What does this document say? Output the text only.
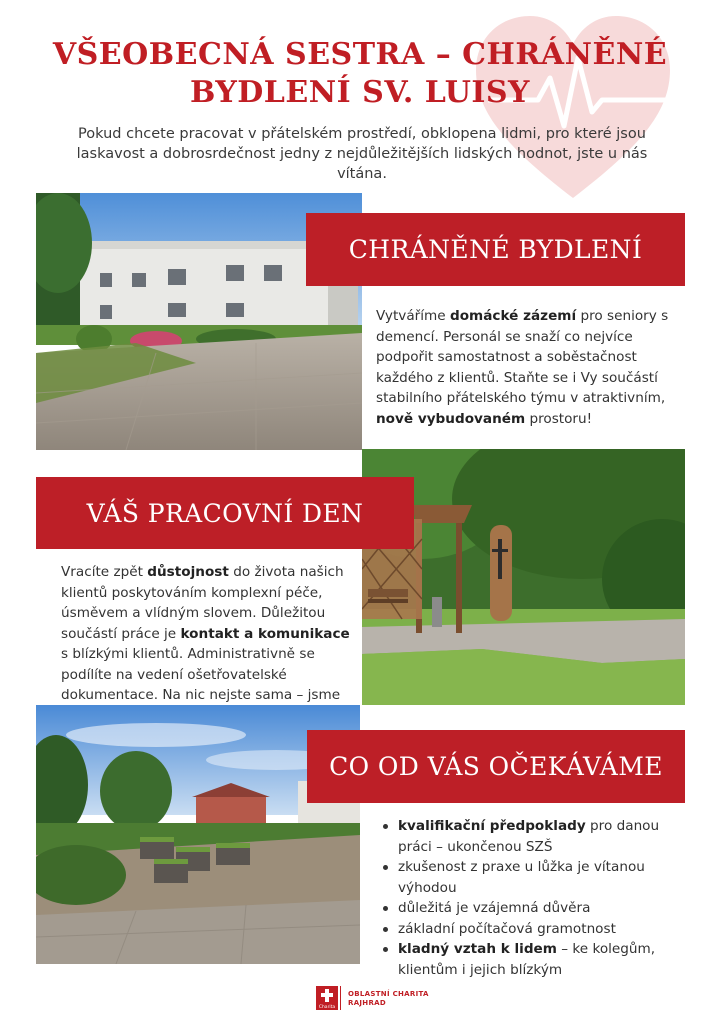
VŠEOBECNÁ SESTRA – CHRÁNĚNÉ
BYDLENÍ SV. LUISY

Pokud chcete pracovat v přátelském prostředí, obklopena lidmi, pro které jsou laskavost a dobrosrdečnost jedny z nejdůležitějších lidských hodnot, jste u nás vítána.

CHRÁNĚNÉ BYDLENÍ

Vytváříme domácké zázemí pro seniory s demencí. Personál se snaží co nejvíce podpořit samostatnost a soběstačnost každého z klientů. Staňte se i Vy součástí stabilního přátelského týmu v atraktivním, nově vybudovaném prostoru!

VÁŠ PRACOVNÍ DEN

Vracíte zpět důstojnost do života našich klientů poskytováním komplexní péče, úsměvem a vlídným slovem. Důležitou součástí práce je kontakt a komunikace s blízkými klientů. Administrativně se podílíte na vedení ošetřovatelské dokumentace. Na nic nejste sama – jsme

CO OD VÁS OČEKÁVÁME
kvalifikační předpoklady pro danou práci – ukončenou SZŠ
zkušenost z praxe u lůžka je vítanou výhodou
důležitá je vzájemná důvěra
základní počítačová gramotnost
kladný vztah k lidem – ke kolegům, klientům i jejich blízkým
Charita
OBLASTNÍ CHARITA
RAJHRAD
